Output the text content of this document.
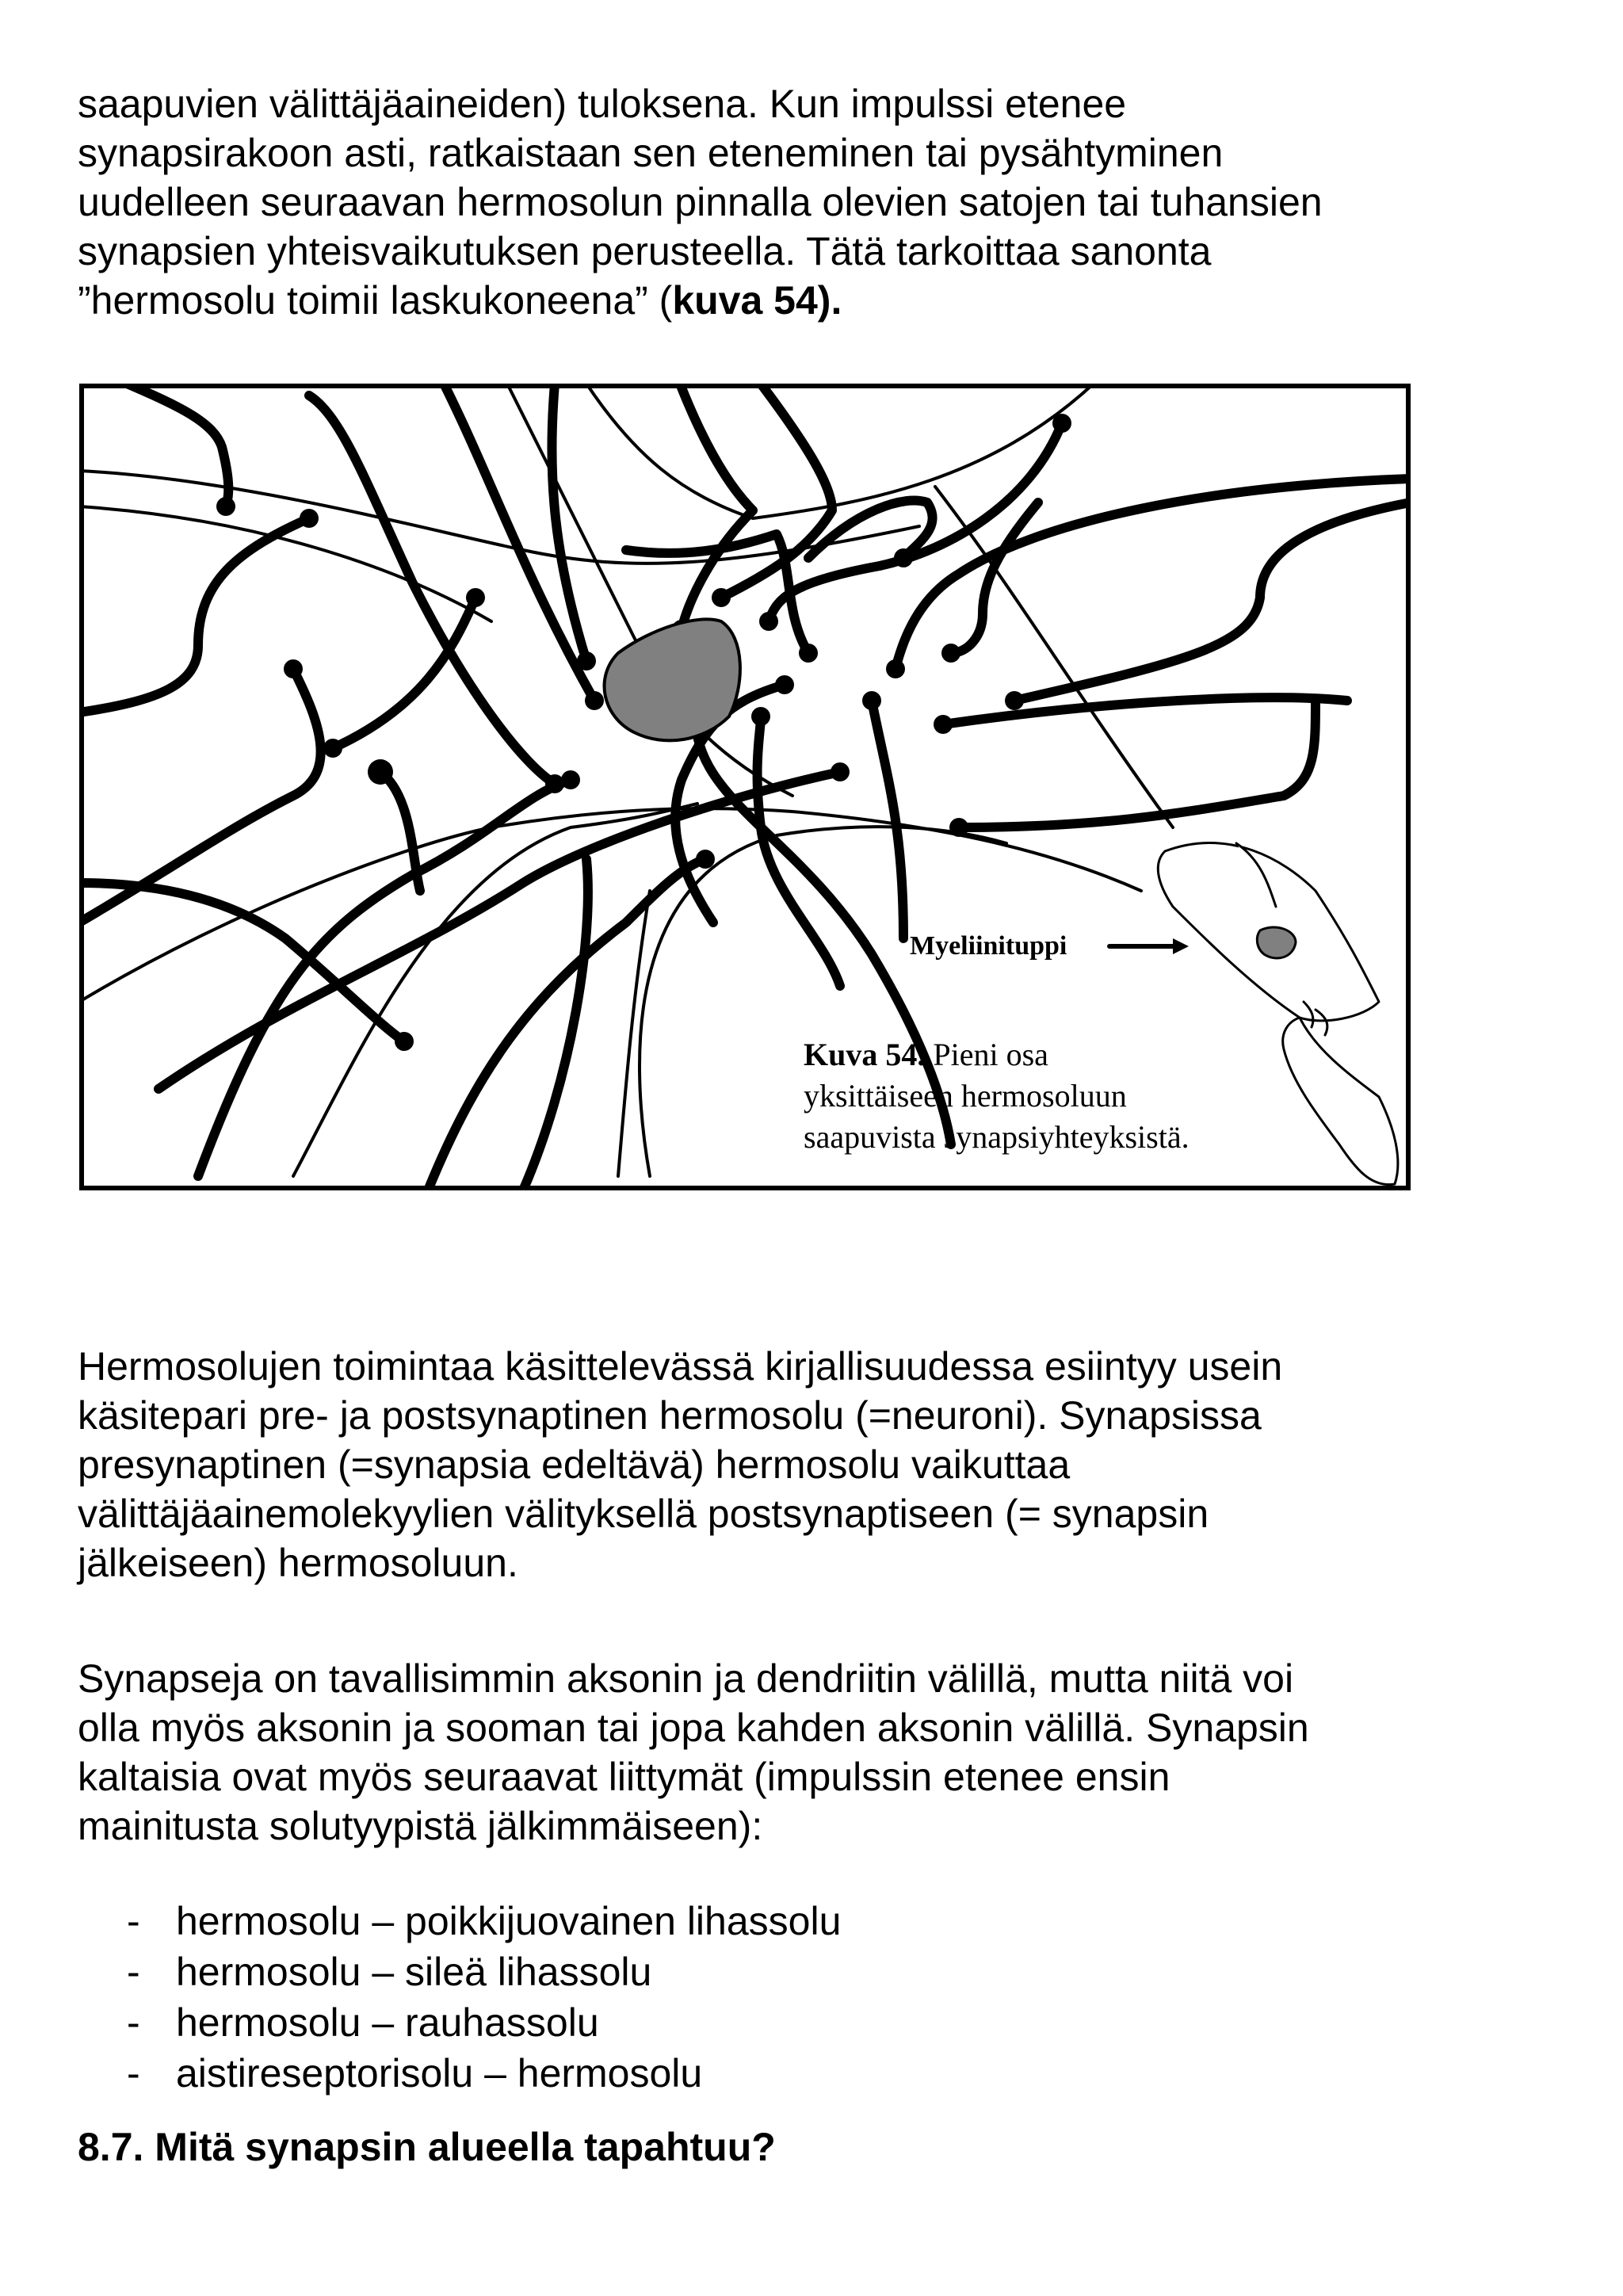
saapuvien välittäjäaineiden) tuloksena. Kun impulssi etenee
synapsirakoon asti, ratkaistaan sen eteneminen tai pysähtyminen
uudelleen seuraavan hermosolun pinnalla olevien satojen tai tuhansien
synapsien yhteisvaikutuksen perusteella. Tätä tarkoittaa sanonta
”hermosolu toimii laskukoneena” (kuva 54).
Myeliinituppi
Kuva 54. Pieni osa
yksittäiseen hermosoluun
saapuvista synapsiyhteyksistä.
Hermosolujen toimintaa käsittelevässä kirjallisuudessa esiintyy usein
käsitepari pre- ja postsynaptinen hermosolu (=neuroni). Synapsissa
presynaptinen (=synapsia edeltävä) hermosolu vaikuttaa
välittäjäainemolekyylien välityksellä postsynaptiseen (= synapsin
jälkeiseen) hermosoluun.
Synapseja on tavallisimmin aksonin ja dendriitin välillä, mutta niitä voi
olla myös aksonin ja sooman tai jopa kahden aksonin välillä. Synapsin
kaltaisia ovat myös seuraavat liittymät (impulssin etenee ensin
mainitusta solutyypistä jälkimmäiseen):
- hermosolu – poikkijuovainen lihassolu
- hermosolu – sileä lihassolu
- hermosolu – rauhassolu
- aistireseptorisolu – hermosolu
8.7. Mitä synapsin alueella tapahtuu?
